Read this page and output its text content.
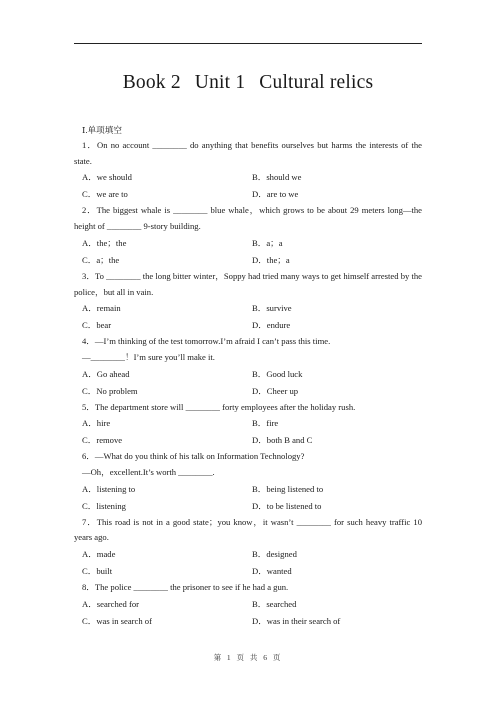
Book 2 Unit 1 Cultural relics
Ⅰ.单项填空
1．On no account ________ do anything that benefits ourselves but harms the interests of the state.
A．we should	B．should we
C．we are to	D．are to we
2．The biggest whale is ________ blue whale，which grows to be about 29 meters long—the height of ________ 9-story building.
A．the；the	B．a；a
C．a；the	D．the；a
3．To ________ the long bitter winter，Soppy had tried many ways to get himself arrested by the police，but all in vain.
A．remain	B．survive
C．bear	D．endure
4．—I’m thinking of the test tomorrow.I’m afraid I can’t pass this time.
—________！I’m sure you’ll make it.
A．Go ahead	B．Good luck
C．No problem	D．Cheer up
5．The department store will ________ forty employees after the holiday rush.
A．hire	B．fire
C．remove	D．both B and C
6．—What do you think of his talk on Information Technology?
—Oh，excellent.It’s worth ________.
A．listening to	B．being listened to
C．listening	D．to be listened to
7．This road is not in a good state；you know，it wasn’t ________ for such heavy traffic 10 years ago.
A．made	B．designed
C．built	D．wanted
8．The police ________ the prisoner to see if he had a gun.
A．searched for	B．searched
C．was in search of	D．was in their search of
第 1 页 共 6 页
